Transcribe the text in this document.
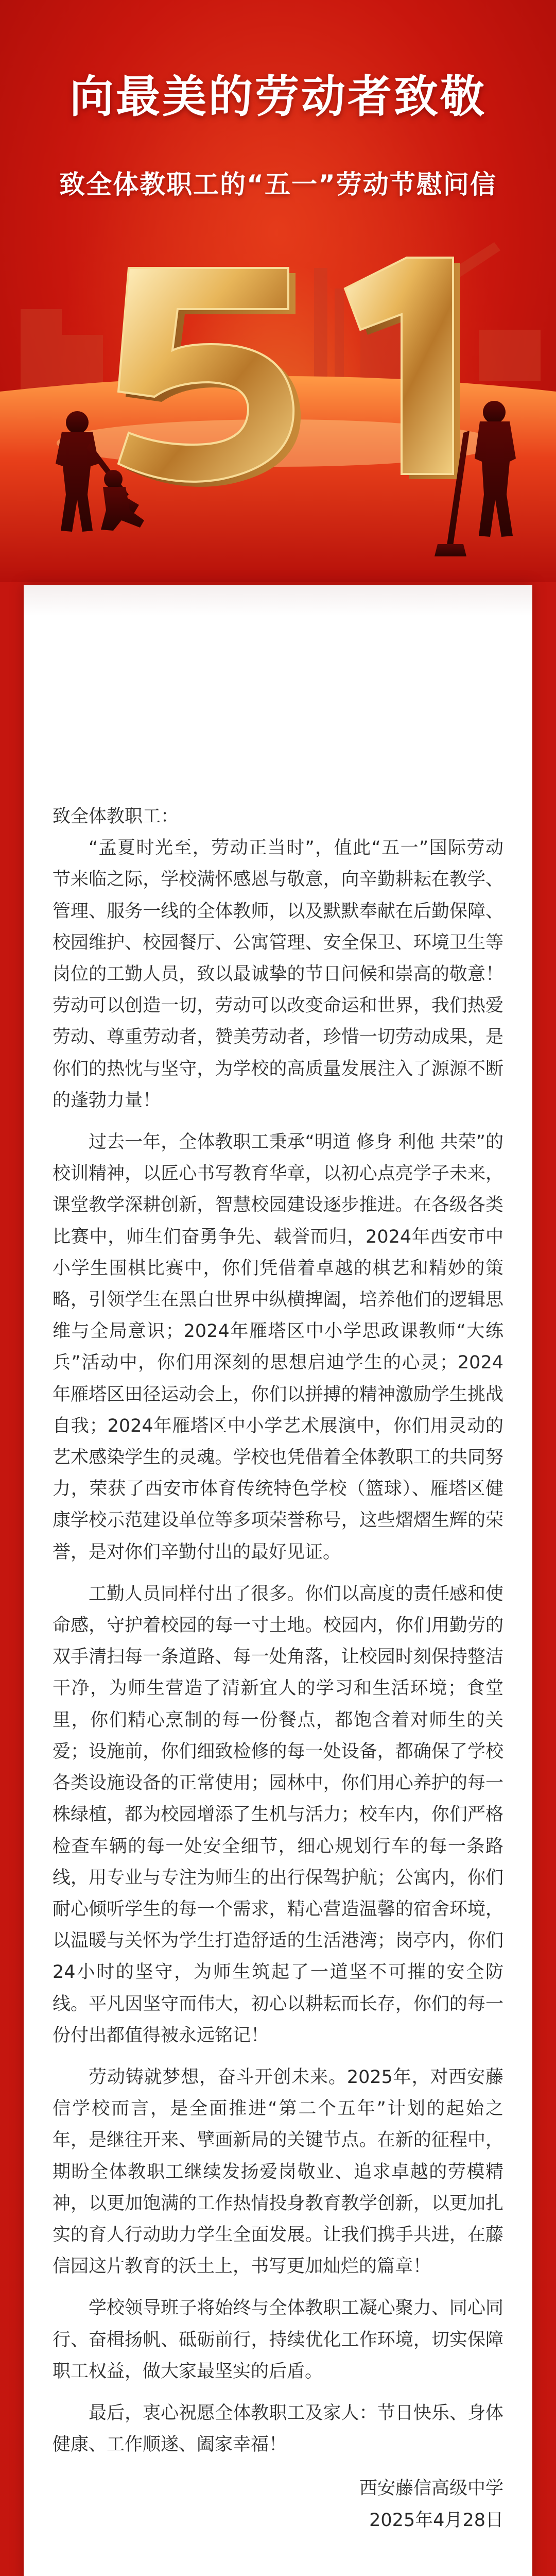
向最美的劳动者致敬
致全体教职工的“五一”劳动节慰问信

致全体教职工：

“孟夏时光至，劳动正当时”，值此“五一”国际劳动节来临之际，学校满怀感恩与敬意，向辛勤耕耘在教学、管理、服务一线的全体教师，以及默默奉献在后勤保障、校园维护、校园餐厅、公寓管理、安全保卫、环境卫生等岗位的工勤人员，致以最诚挚的节日问候和崇高的敬意！劳动可以创造一切，劳动可以改变命运和世界，我们热爱劳动、尊重劳动者，赞美劳动者，珍惜一切劳动成果，是你们的热忱与坚守，为学校的高质量发展注入了源源不断的蓬勃力量！

过去一年，全体教职工秉承“明道 修身 利他 共荣”的校训精神，以匠心书写教育华章，以初心点亮学子未来，课堂教学深耕创新，智慧校园建设逐步推进。在各级各类比赛中，师生们奋勇争先、载誉而归，2024年西安市中小学生围棋比赛中，你们凭借着卓越的棋艺和精妙的策略，引领学生在黑白世界中纵横捭阖，培养他们的逻辑思维与全局意识；2024年雁塔区中小学思政课教师“大练兵”活动中，你们用深刻的思想启迪学生的心灵；2024年雁塔区田径运动会上，你们以拼搏的精神激励学生挑战自我；2024年雁塔区中小学艺术展演中，你们用灵动的艺术感染学生的灵魂。学校也凭借着全体教职工的共同努力，荣获了西安市体育传统特色学校（篮球）、雁塔区健康学校示范建设单位等多项荣誉称号，这些熠熠生辉的荣誉，是对你们辛勤付出的最好见证。

工勤人员同样付出了很多。你们以高度的责任感和使命感，守护着校园的每一寸土地。校园内，你们用勤劳的双手清扫每一条道路、每一处角落，让校园时刻保持整洁干净，为师生营造了清新宜人的学习和生活环境；食堂里，你们精心烹制的每一份餐点，都饱含着对师生的关爱；设施前，你们细致检修的每一处设备，都确保了学校各类设施设备的正常使用；园林中，你们用心养护的每一株绿植，都为校园增添了生机与活力；校车内，你们严格检查车辆的每一处安全细节，细心规划行车的每一条路线，用专业与专注为师生的出行保驾护航；公寓内，你们耐心倾听学生的每一个需求，精心营造温馨的宿舍环境，以温暖与关怀为学生打造舒适的生活港湾；岗亭内，你们24小时的坚守，为师生筑起了一道坚不可摧的安全防线。平凡因坚守而伟大，初心以耕耘而长存，你们的每一份付出都值得被永远铭记！

劳动铸就梦想，奋斗开创未来。2025年，对西安藤信学校而言，是全面推进“第二个五年”计划的起始之年，是继往开来、擘画新局的关键节点。在新的征程中，期盼全体教职工继续发扬爱岗敬业、追求卓越的劳模精神，以更加饱满的工作热情投身教育教学创新，以更加扎实的育人行动助力学生全面发展。让我们携手共进，在藤信园这片教育的沃土上，书写更加灿烂的篇章！

学校领导班子将始终与全体教职工凝心聚力、同心同行、奋楫扬帆、砥砺前行，持续优化工作环境，切实保障职工权益，做大家最坚实的后盾。

最后，衷心祝愿全体教职工及家人：节日快乐、身体健康、工作顺遂、阖家幸福！

西安藤信高级中学
2025年4月28日
